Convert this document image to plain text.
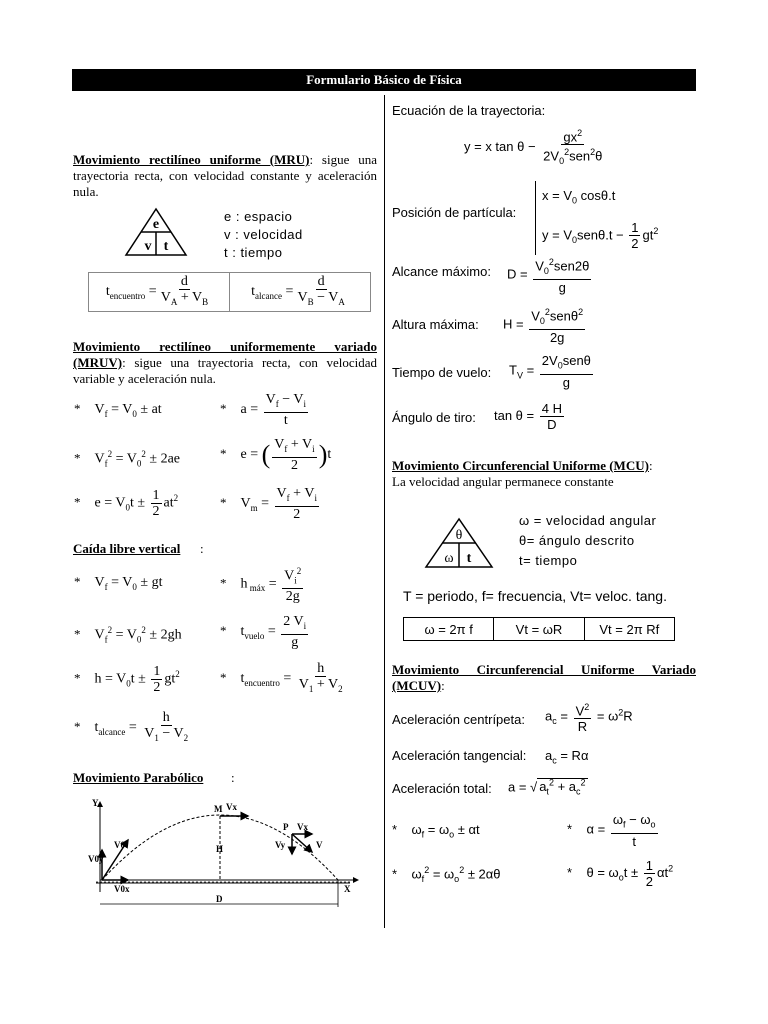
Formulario Básico de Física
Movimiento rectilíneo uniforme (MRU): sigue una trayectoria recta, con velocidad constante y aceleración nula.
e
v t
e : espacio
v : velocidad
t : tiempo
$t_{encuentro} = \frac{d}{V_A + V_B}$	$t_{alcance} = \frac{d}{V_B - V_A}$
Movimiento rectilíneo uniformemente variado (MRUV): sigue una trayectoria recta, con velocidad variable y aceleración nula.
*    $V_f = V_0$ ± at	*    $a = \frac{V_f - V_i}{t}$
*    $V_f^2 = V_0^2 \pm 2ae$	*    e = ( $\frac{V_f + V_i}{2} )t$
*    $e = V_0t \pm \frac{1}{2} at^2$	*    $V_m = \frac{V_f + V_i}{2}$
Caída libre vertical :
*    $V_f = V_0$ ± gt	*    h $_{máx} = \frac{V_i^2}{2g}$
*    $V_f^2 = V_0^2 \pm 2gh$	*    $t_{vuelo} = \frac{2 V_i}{g}$
*    $h = V_0t \pm \frac{1}{2} gt^2$	*    $t_{encuentro} = \frac{h}{V_1 + V_2}$
*    $t_{alcance} = \frac{h}{V_1 - V_2}$
Movimiento Parabólico :
Y
X
M Vx
P Vx
Vy	V
H
D
V0
V0y
V0x
Ecuación de la trayectoria:
y = x $\tan \theta - \frac{gx^2}{2V_0^2sen^2\theta}$
Posición de partícula:
$x = V_0$ cosθ.t
$y = V_0sen\theta.t - \frac{1}{2} gt^2$
Alcance máximo: $D = \frac{V_0^2sen2\theta}{g}$
Altura máxima: $H = \frac{V_0^2sen\theta^2}{2g}$
Tiempo de vuelo: $T_V = \frac{2V_0sen\theta}{g}$
Ángulo de tiro: $\tan \theta = \frac{4 H}{D}$
Movimiento Circunferencial Uniforme (MCU):
La velocidad angular permanece constante
θ
ω t
ω = velocidad angular
θ= ángulo descrito
t= tiempo
T = periodo, f= frecuencia, Vt= veloc. tang.
ω = 2π f	Vt = ωR	Vt = 2π Rf
Movimiento Circunferencial Uniforme Variado (MCUV):
Aceleración centrípeta: $a_c = \frac{V^2}{R} = \omega^2R$
Aceleración tangencial: $a_c = R\alpha$
Aceleración total: a = √ $a_t^2 + a_c^2$
*    $\omega_f = \omega_o \pm \alpha t$	*    $\alpha = \frac{\omega_f - \omega_o}{t}$
*    $\omega_f^2 = \omega_o^2 \pm 2\alpha\theta$	*    $\theta = \omega_ot \pm \frac{1}{2} \alpha t^2$
